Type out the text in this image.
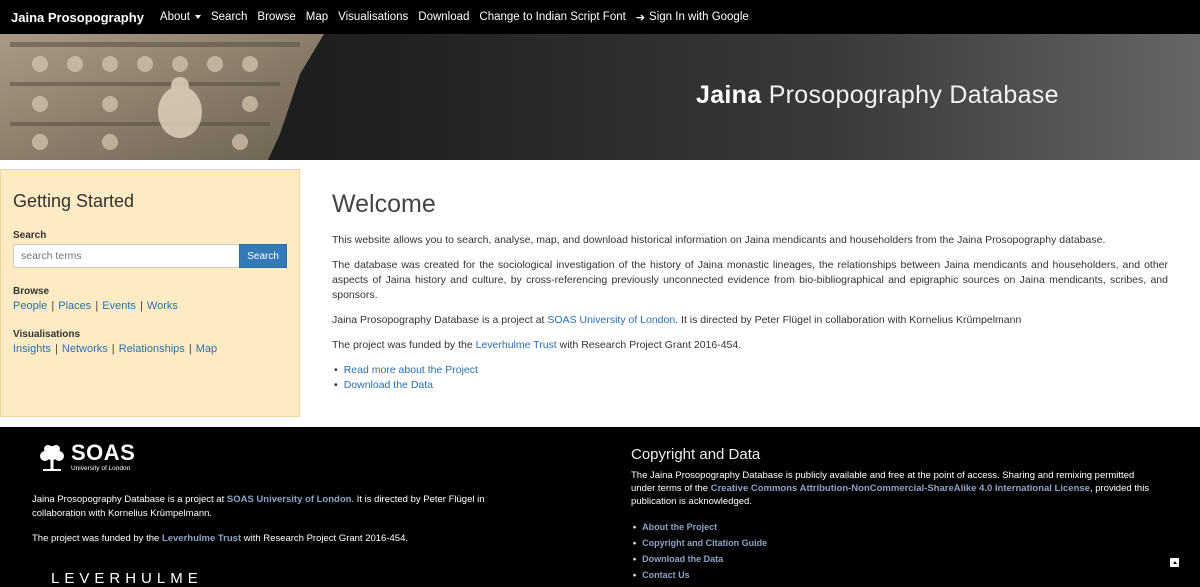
Jaina Prosopography About Search Browse Map Visualisations Download Change to Indian Script Font ➔ Sign In with Google
Jaina Prosopography Database
Getting Started
Search
search terms
Search
Browse
People | Places | Events | Works
Visualisations
Insights | Networks | Relationships | Map
Welcome

This website allows you to search, analyse, map, and download historical information on Jaina mendicants and householders from the Jaina Prosopography database.

The database was created for the sociological investigation of the history of Jaina monastic lineages, the relationships between Jaina mendicants and householders, and other aspects of Jaina history and culture, by cross-referencing previously unconnected evidence from bio-bibliographical and epigraphic sources on Jaina mendicants, scribes, and sponsors.

Jaina Prosopography Database is a project at SOAS University of London. It is directed by Peter Flügel in collaboration with Kornelius Krümpelmann

The project was funded by the Leverhulme Trust with Research Project Grant 2016-454.

• Read more about the Project
• Download the Data
SOAS
University of London

Jaina Prosopography Database is a project at SOAS University of London. It is directed by Peter Flügel in collaboration with Kornelius Krümpelmann.

The project was funded by the Leverhulme Trust with Research Project Grant 2016-454.

LEVERHULME
Copyright and Data

The Jaina Prosopography Database is publicly available and free at the point of access. Sharing and remixing permitted under terms of the Creative Commons Attribution-NonCommercial-ShareAlike 4.0 International License, provided this publication is acknowledged.

• About the Project
• Copyright and Citation Guide
• Download the Data
• Contact Us
